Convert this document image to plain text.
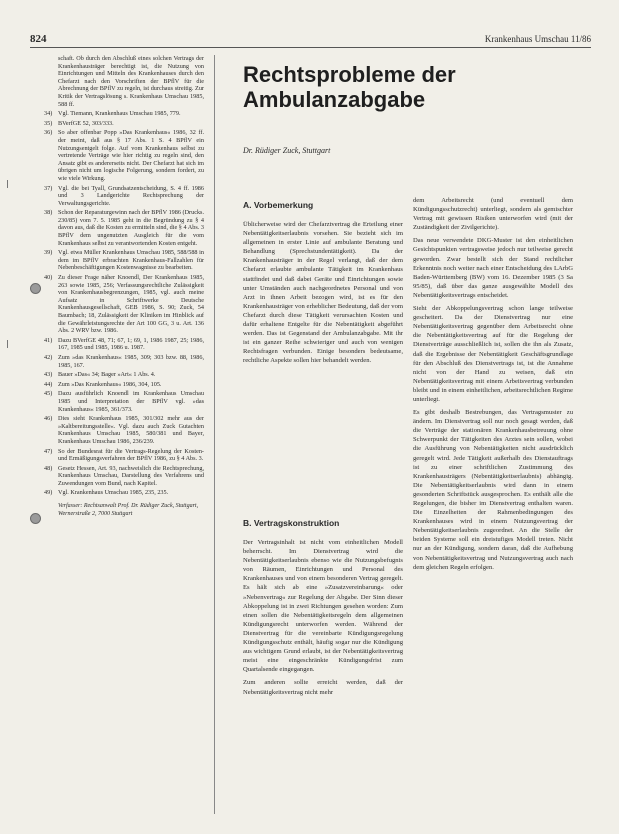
824	Krankenhaus Umschau 11/86
schaft. Ob durch den Abschluß eines solchen Vertrags der Krankenhausträger berechtigt ist, die Nutzung von Einrichtungen und Mitteln des Krankenhauses durch den Chefarzt nach den Vorschriften der BPflV für die Abrechnung der BPflV zu regeln, ist durchaus streitig. Zur Kritik der Vertragslösung s. Krankenhaus Umschau 1985, 588 ff.
34) Vgl. Tiemann, Krankenhaus Umschau 1985, 779.
35) BVerfGE 52, 303/333.
36) So aber offenbar Popp »Das Krankenhaus« 1986, 32 ff. der meint, daß aus § 17 Abs. 1 S. 4 BPflV ein Nutzungsentgelt folge. Auf vom Krankenhaus selbst zu vertretende Verträge wie hier richtig zu regeln sind, den Ansatz gibt es andererseits nicht. Der Chefarzt hat sich im übrigen nicht um logische Folgerung, sondern fordert, zu wie viele Wirkung.
37) Vgl. die bei Tyall, Grundsatzentscheidung, S. 4 ff. 1986 und 3 Landgerichte Rechtsprechung der Verwaltungsgerichte.
38) Schon der Reparaturgewinn nach der BPflV 1986 (Drucks. 230/85) vom 7. 5. 1985 geht in die Begründung zu § 4 davon aus, daß die Kosten zu ermitteln sind, die § 4 Abs. 3 BPflV dem ungenutzten Ausgleich für die vom Krankenhaus selbst zu verantwortenden Kosten entgeht.
39) Vgl. etwa Müller Krankenhaus Umschau 1985, 588/588 in dem im BPflV erbrachten Krankenhaus-Fallzahlen für Nebenbeschäftigungen Kostenwagnisse zu bearbeiten.
40) Zu dieser Frage näher Knoendl, Der Krankenhaus 1985, 263 sowie 1985, 256; Verfassungsrechtliche Zulässigkeit von Krankenhausbegrenzungen, 1985, vgl. auch meine Aufsatz in Schriftwerke Deutsche Krankenhausgesellschaft, GEB 1986, S. 90; Zuck, 54 Baumbach; 18, Zulässigkeit der Kliniken im Hinblick auf die Gewährleistungsrechte der Art 100 GG, 3 u. Art. 136 Abs. 2 WRV bzw. 1986.
41) Dazu BVerfGE 48, 71; 67, 1; 69, 1, 1986 1987, 25; 1986, 167, 1985 und 1985, 1986 u. 1987.
42) Zum »das Krankenhaus« 1985, 309; 303 bzw. 88, 1986, 1985, 167.
43) Bauer »Das« 34; Bager »Art« 1 Abs. 4.
44) Zum »Das Krankenhaus« 1986, 304, 105.
45) Dazu ausführlich Knoendl im Krankenhaus Umschau 1985 und Interpretation der BPflV vgl. »das Krankenhaus« 1985, 361/373.
46) Dies sieht Krankenhaus 1985, 301/302 mehr aus der »Kaltbereitungsstelle«. Vgl. dazu auch Zuck Gutachten Krankenhaus Umschau 1985, 580/381 und Bayer, Krankenhaus Umschau 1986, 236/239.
47) So der Bundesrat für die Vertrags-Regelung der Kosten- und Ermäßigungsverfahren der BPflV 1986, zu § 4 Abs. 3.
48) Gesetz Hessen, Art. 93, nachweislich die Rechtsprechung, Krankenhaus Umschau, Darstellung des Verfahrens und Zuwendungen vom Bund, nach Kapitel.
49) Vgl. Krankenhaus Umschau 1985, 235, 235.
Verfasser: Rechtsanwalt Prof. Dr. Rüdiger Zuck, Stuttgart, Wernerstraße 2, 7000 Stuttgart
Rechtsprobleme der Ambulanzabgabe
Dr. Rüdiger Zuck, Stuttgart
A. Vorbemerkung

Üblicherweise wird der Chefarztvertrag die Erteilung einer Nebentätigkeitserlaubnis vorsehen. Sie bezieht sich im allgemeinen in erster Linie auf ambulante Beratung und Behandlung (Sprechstundentätigkeit). Da der Krankenhausträger in der Regel verlangt, daß der dem Chefarzt erlaubte ambulante Tätigkeit im Krankenhaus stattfindet und daß dabei Geräte und Einrichtungen sowie unter Umständen auch nachgeordnetes Personal und von Arzt in ihnen Arbeit bezogen wird, ist es für den Krankenhausträger von erheblicher Bedeutung, daß der vom Chefarzt durch diese Tätigkeit verursachten Kosten und dafür erhaltene Entgelte für die Nebentätigkeit abgeführt werden. Das ist Gegenstand der Ambulanzabgabe. Mit ihr ist ein ganzer Reihe schwieriger und auch von wenigen Rechtsfragen verbunden. Einige besonders bedeutsame, rechtliche Aspekte sollen hier behandelt werden.

B. Vertragskonstruktion

Der Vertragsinhalt ist nicht vom einheitlichen Modell beherrscht. Im Dienstvertrag wird die Nebentätigkeitserlaubnis ebenso wie die Nutzungsbefugnis von Räumen, Einrichtungen und Personal des Krankenhauses und von einem besonderen Vertrag geregelt. Es hält sich ab eine »Zusatzvereinbarung« oder »Nebenvertrag« zur Regelung der Abgabe. Der Sinn dieser Abkoppelung ist in zwei Richtungen gesehen worden: Zum einen sollen die Nebentätigkeitsregeln dem allgemeinen Kündigungsrecht unterworfen werden. Während der Dienstvertrag für die vereinbarte Kündigungsregelung Kündigungsschutz enthält, häufig sogar nur die Kündigung aus wichtigem Grund erlaubt, ist der Nebentätigkeitsvertrag meist eine eingeschränkte Kündigungsfrist zum Quartalsende eingegangen.

Zum anderen sollte erreicht werden, daß der Nebentätigkeitsvertrag nicht mehr

dem Arbeitsrecht (und eventuell dem Kündigungsschutzrecht) unterliegt, sondern als gemischter Vertrag mit gewissen Risiken unterworfen wird (mit der Zuständigkeit der Zivilgerichte).

Das neue verwendete DKG-Muster ist den einheitlichen Gesichtspunkten vertragsweise jedoch nur teilweise gerecht geworden. Zwar bestellt sich der Stand rechtlicher Erkenntnis noch weiter nach einer Entscheidung des LArbG Baden-Württemberg (BW) vom 16. Dezember 1985 (3 Sa 95/85), daß über das ganze ausgewählte Modell des Nebentätigkeitsvertrags entscheidet.

Sieht der Abkoppelungsvertrag schon lange teilweise gescheitert. Da der Dienstvertrag nur eine Nebentätigkeitsvertrag gegenüber dem Arbeitsrecht ohne die Nebentätigkeitsvertrag auf für die Regelung der Dienstverträge ausschließlich ist, sollen die ihn als Zusatz, daß die Ergebnisse der Nebentätigkeit Geschäftsgrundlage für den Abschluß des Dienstvertrags ist, ist die Annahme nicht von der Hand zu weisen, daß ein Nebentätigkeitsvertrag mit einem Arbeitsvertrag verbunden bleibt und in einem einheitlichen, arbeitsrechtlichen Regime unterliegt.

Es gibt deshalb Bestrebungen, das Vertragsmuster zu ändern. Im Dienstvertrag soll nur noch gesagt werden, daß die Verträge der stationären Krankenhausbetreuung ohne Schwerpunkt der Tätigkeiten des Arztes sein sollen, wobei die Ausführung von Nebentätigkeiten nicht ausdrücklich geregelt wird. Jede Tätigkeit außerhalb des Dienstauftrags ist zu einer schriftlichen Zustimmung des Krankenhausträgers (Nebentätigkeitserlaubnis) abhängig. Die Nebentätigkeitserlaubnis wird dann in einem gesonderten Schriftstück ausgesprochen. Es enthält alle die Regelungen, die bisher im Dienstvertrag enthalten waren. Die Einzelheiten der Rahmenbedingungen des Krankenhauses wird in einem Nutzungsvertrag der Nebentätigkeitserlaubnis zugeordnet. An die Stelle der beiden Systeme soll ein dreistufiges Modell treten. Nicht nur an der Kündigung, sondern daran, daß die Aufhebung von Nebentätigkeitsvertrag und Nutzungsvertrag auch nach dem gleichen Regeln erfolgen.
